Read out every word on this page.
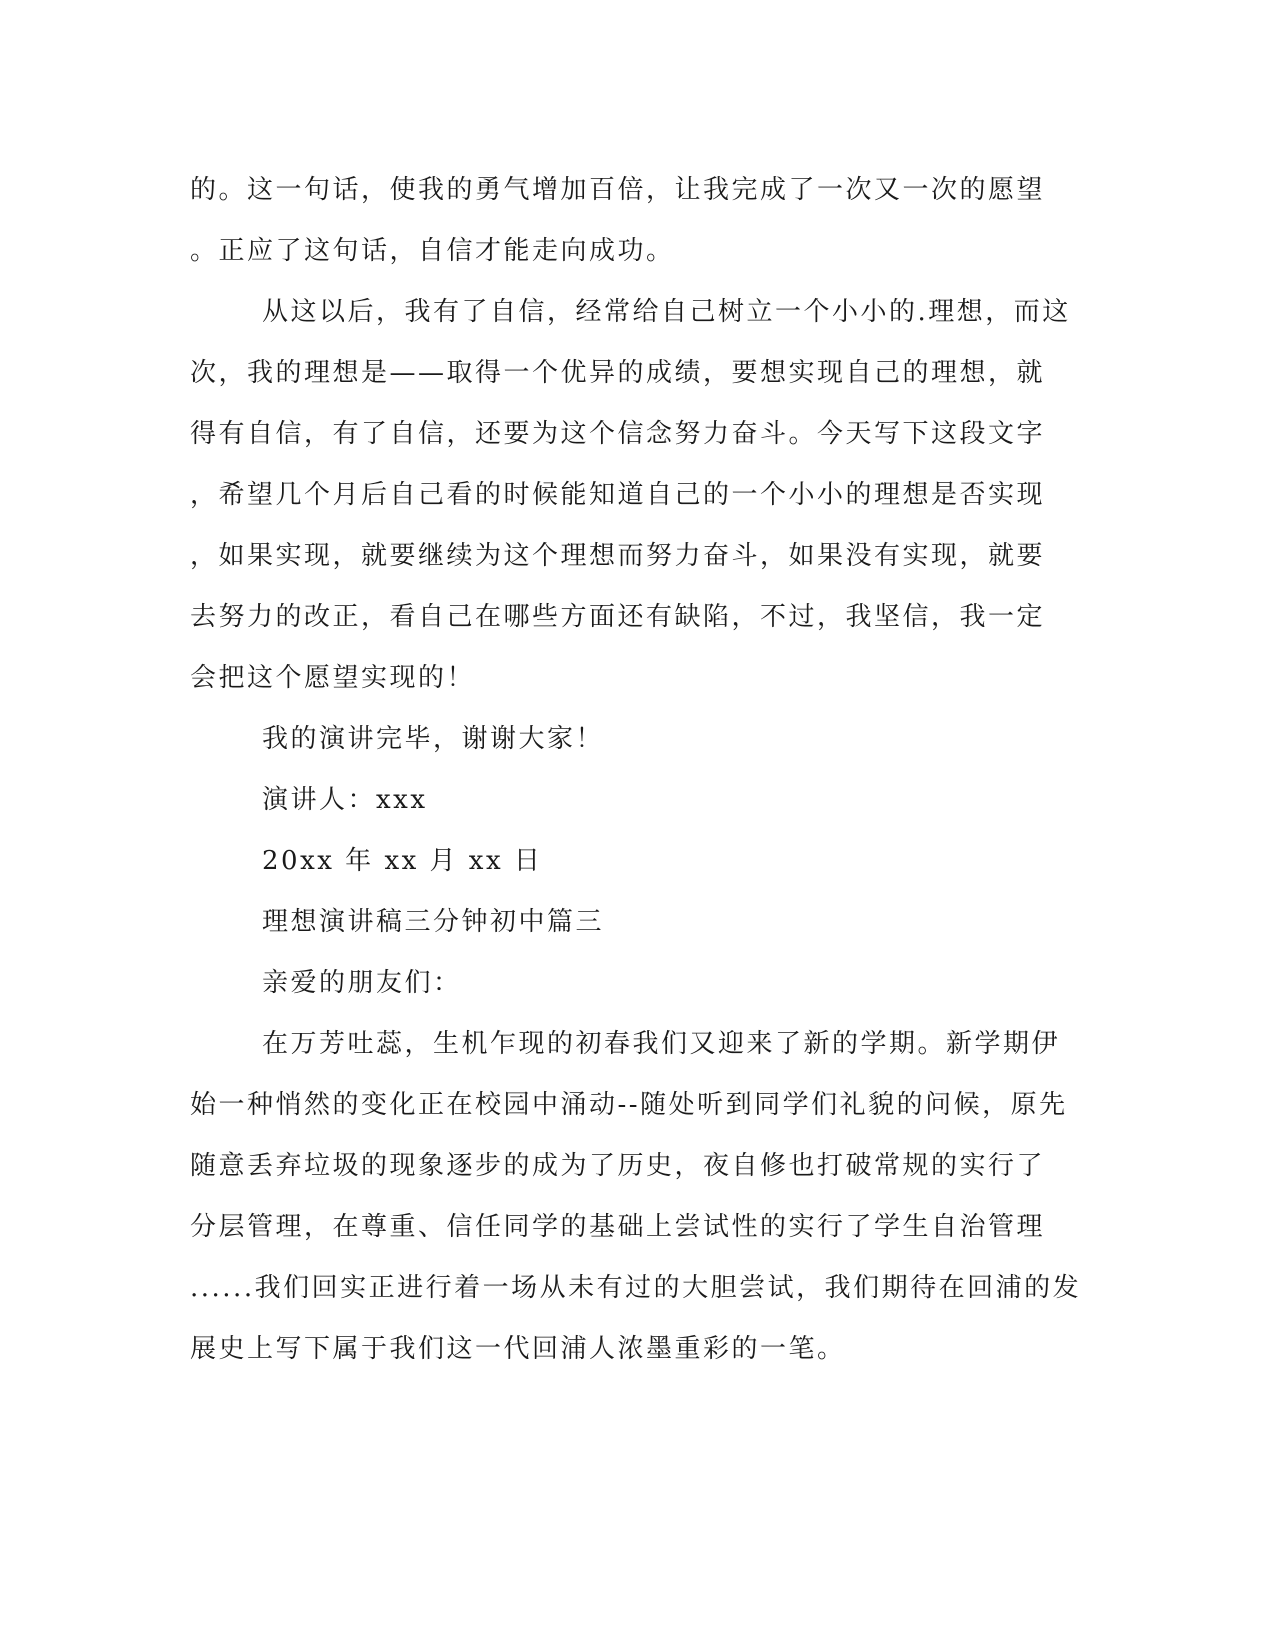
的。这一句话，使我的勇气增加百倍，让我完成了一次又一次的愿望
。正应了这句话，自信才能走向成功。
从这以后，我有了自信，经常给自己树立一个小小的.理想，而这
次，我的理想是——取得一个优异的成绩，要想实现自己的理想，就
得有自信，有了自信，还要为这个信念努力奋斗。今天写下这段文字
，希望几个月后自己看的时候能知道自己的一个小小的理想是否实现
，如果实现，就要继续为这个理想而努力奋斗，如果没有实现，就要
去努力的改正，看自己在哪些方面还有缺陷，不过，我坚信，我一定
会把这个愿望实现的！
我的演讲完毕，谢谢大家！
演讲人：xxx
20xx 年 xx 月 xx 日
理想演讲稿三分钟初中篇三
亲爱的朋友们：
在万芳吐蕊，生机乍现的初春我们又迎来了新的学期。新学期伊
始一种悄然的变化正在校园中涌动--随处听到同学们礼貌的问候，原先
随意丢弃垃圾的现象逐步的成为了历史，夜自修也打破常规的实行了
分层管理，在尊重、信任同学的基础上尝试性的实行了学生自治管理
......我们回实正进行着一场从未有过的大胆尝试，我们期待在回浦的发
展史上写下属于我们这一代回浦人浓墨重彩的一笔。
